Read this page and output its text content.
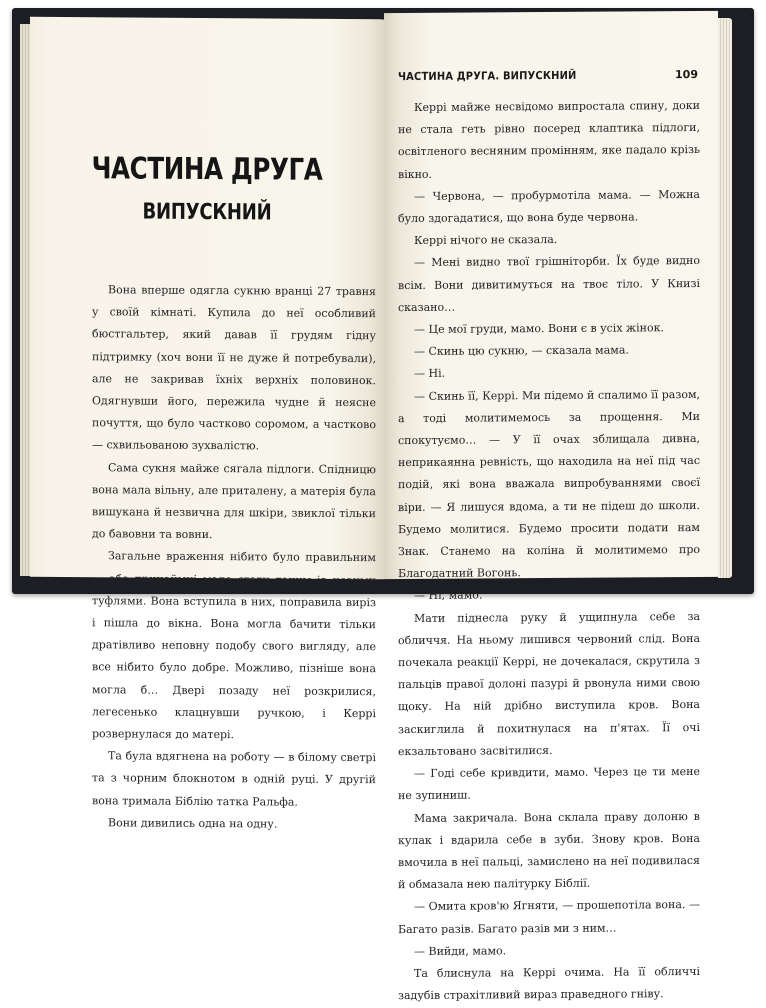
ЧАСТИНА ДРУГА
ВИПУСКНИЙ

Вона вперше одягла сукню вранці 27 травня у своїй кімнаті. Купила до неї особливий бюстгальтер, який давав її грудям гідну підтримку (хоч вони її не дуже й потребували), але не закривав їхніх верхніх половинок. Одягнувши його, пережила чудне й неясне почуття, що було частково соромом, а частково — схвильованою зухвалістю.

Сама сукня майже сягала підлоги. Спідницю вона мала вільну, але приталену, а матерія була вишукана й незвична для шкіри, звиклої тільки до бавовни та вовни.

Загальне враження нібито було правильним — або принаймні мало стати таким із новими туфлями. Вона вступила в них, поправила виріз і пішла до вікна. Вона могла бачити тільки дратівливо неповну подобу свого вигляду, але все нібито було добре. Можливо, пізніше вона могла б… Двері позаду неї розкрилися, легесенько клацнувши ручкою, і Керрі розвернулася до матері.

Та була вдягнена на роботу — в білому светрі та з чорним блокнотом в одній руці. У другій вона тримала Біблію татка Ральфа.

Вони дивились одна на одну.

ЧАСТИНА ДРУГА. ВИПУСКНИЙ	109

Керрі майже несвідомо випростала спину, доки не стала геть рівно посеред клаптика підлоги, освітленого весняним промінням, яке падало крізь вікно.

— Червона, — пробурмотіла мама. — Можна було здогадатися, що вона буде червона.

Керрі нічого не сказала.

— Мені видно твої грішнiторби. Їх буде видно всім. Вони дивитимуться на твоє тіло. У Книзі сказано…

— Це мої груди, мамо. Вони є в усіх жінок.

— Скинь цю сукню, — сказала мама.

— Ні.

— Скинь її, Керрі. Ми підемо й спалимо її разом, а тоді молитимемось за прощення. Ми спокутуємо… — У її очах зблищала дивна, неприкаянна ревність, що находила на неї під час подій, які вона вважала випробуваннями своєї віри. — Я лишуся вдома, а ти не підеш до школи. Будемо молитися. Будемо просити подати нам Знак. Станемо на коліна й молитимемо про Благодатний Вогонь.

— Ні, мамо.

Мати піднесла руку й ущипнула себе за обличчя. На ньому лишився червоний слід. Вона почекала реакції Керрі, не дочекалася, скрутила з пальців правої долоні пазурі й рвонула ними свою щоку. На ній дрібно виступила кров. Вона заскиглила й похитнулася на п'ятах. Її очі екзальтовано засвітилися.

— Годі себе кривдити, мамо. Через це ти мене не зупиниш.

Мама закричала. Вона склала праву долоню в кулак і вдарила себе в зуби. Знову кров. Вона вмочила в неї пальці, замислено на неї подивилася й обмазала нею палітурку Біблії.

— Омита кров'ю Ягняти, — прошепотіла вона. — Багато разів. Багато разів ми з ним…

— Вийди, мамо.

Та блиснула на Керрі очима. На її обличчі задубів страхітливий вираз праведного гніву.
